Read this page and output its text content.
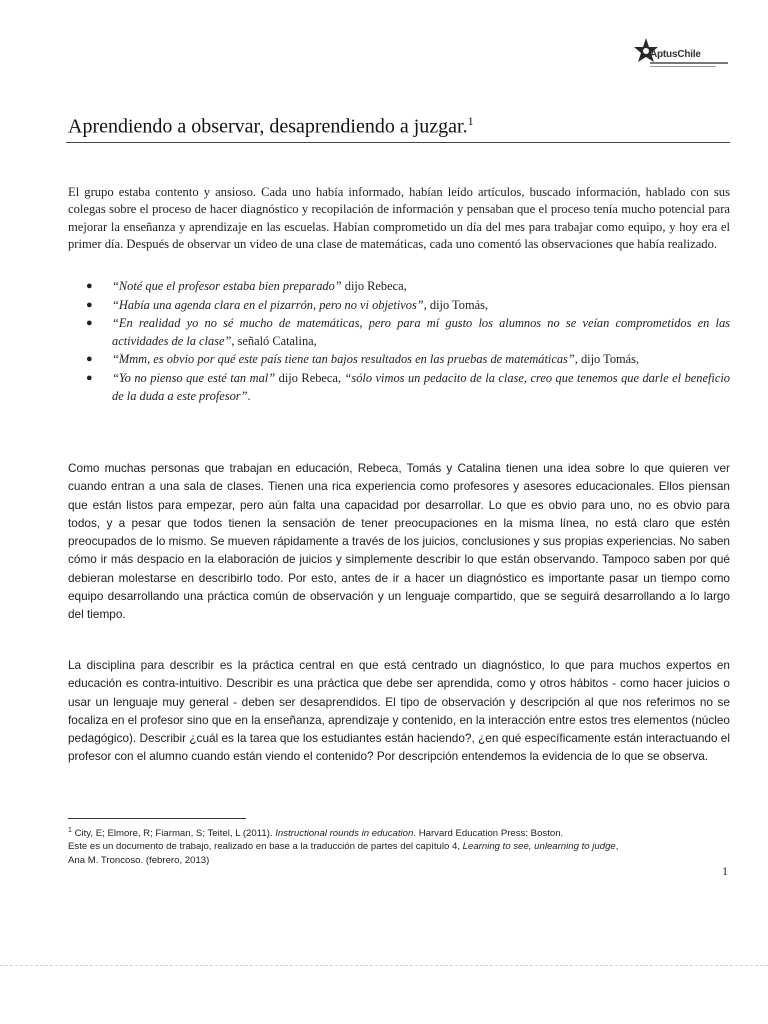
AptusChile
Aprendiendo a observar, desaprendiendo a juzgar.$^1$
El grupo estaba contento y ansioso. Cada uno había informado, habían leído artículos, buscado información, hablado con sus colegas sobre el proceso de hacer diagnóstico y recopilación de información y pensaban que el proceso tenía mucho potencial para mejorar la enseñanza y aprendizaje en las escuelas. Habían comprometido un día del mes para trabajar como equipo, y hoy era el primer día. Después de observar un video de una clase de matemáticas, cada uno comentó las observaciones que había realizado.
● “Noté que el profesor estaba bien preparado” dijo Rebeca,
● “Había una agenda clara en el pizarrón, pero no vi objetivos”, dijo Tomás,
● “En realidad yo no sé mucho de matemáticas, pero para mí gusto los alumnos no se veían comprometidos en las actividades de la clase”, señaló Catalina,
● “Mmm, es obvio por qué este país tiene tan bajos resultados en las pruebas de matemáticas”, dijo Tomás,
● “Yo no pienso que esté tan mal” dijo Rebeca, “sólo vimos un pedacito de la clase, creo que tenemos que darle el beneficio de la duda a este profesor”.
Como muchas personas que trabajan en educación, Rebeca, Tomás y Catalina tienen una idea sobre lo que quieren ver cuando entran a una sala de clases. Tienen una rica experiencia como profesores y asesores educacionales. Ellos piensan que están listos para empezar, pero aún falta una capacidad por desarrollar. Lo que es obvio para uno, no es obvio para todos, y a pesar que todos tienen la sensación de tener preocupaciones en la misma línea, no está claro que estén preocupados de lo mismo. Se mueven rápidamente a través de los juicios, conclusiones y sus propias experiencias. No saben cómo ir más despacio en la elaboración de juicios y simplemente describir lo que están observando. Tampoco saben por qué debieran molestarse en describirlo todo. Por esto, antes de ir a hacer un diagnóstico es importante pasar un tiempo como equipo desarrollando una práctica común de observación y un lenguaje compartido, que se seguirá desarrollando a lo largo del tiempo.
La disciplina para describir es la práctica central en que está centrado un diagnóstico, lo que para muchos expertos en educación es contra-intuitivo. Describir es una práctica que debe ser aprendida, como y otros hábitos - como hacer juicios o usar un lenguaje muy general - deben ser desaprendidos. El tipo de observación y descripción al que nos referimos no se focaliza en el profesor sino que en la enseñanza, aprendizaje y contenido, en la interacción entre estos tres elementos (núcleo pedagógico). Describir ¿cuál es la tarea que los estudiantes están haciendo?, ¿en qué específicamente están interactuando el profesor con el alumno cuando están viendo el contenido? Por descripción entendemos la evidencia de lo que se observa.
$^1$ City, E; Elmore, R; Fiarman, S; Teitel, L (2011). Instructional rounds in education. Harvard Education Press: Boston.
Este es un documento de trabajo, realizado en base a la traducción de partes del capítulo 4, Learning to see, unlearning to judge,
Ana M. Troncoso. (febrero, 2013)
1
